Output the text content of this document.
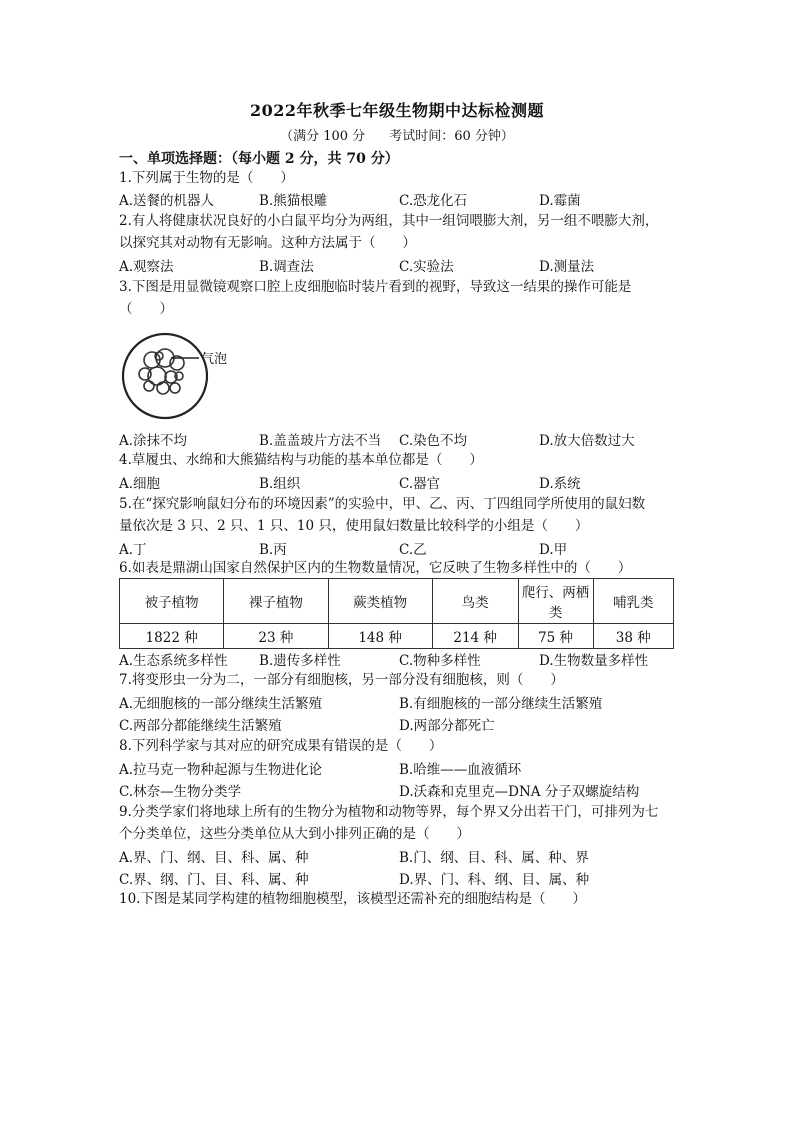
2022年秋季七年级生物期中达标检测题
（满分 100 分 考试时间：60 分钟）
一、单项选择题：（每小题 2 分，共 70 分）
1.下列属于生物的是（　　）
A.送餐的机器人	B.熊猫根雕	C.恐龙化石	D.霉菌
2.有人将健康状况良好的小白鼠平均分为两组，其中一组饲喂膨大剂，另一组不喂膨大剂，
以探究其对动物有无影响。这种方法属于（　　）
A.观察法	B.调查法	C.实验法	D.测量法
3.下图是用显微镜观察口腔上皮细胞临时装片看到的视野，导致这一结果的操作可能是
（　　）
气泡
A.涂抹不均	B.盖盖玻片方法不当 C.染色不均	D.放大倍数过大
4.草履虫、水绵和大熊猫结构与功能的基本单位都是（　　）
A.细胞	B.组织	C.器官	D.系统
5.在“探究影响鼠妇分布的环境因素”的实验中，甲、乙、丙、丁四组同学所使用的鼠妇数
量依次是 3 只、2 只、1 只、10 只，使用鼠妇数量比较科学的小组是（　　）
A.丁	B.丙	C.乙	D.甲
6.如表是鼎湖山国家自然保护区内的生物数量情况，它反映了生物多样性中的（　　）
被子植物	裸子植物	蕨类植物	鸟类	爬行、两栖类	哺乳类
1822 种	23 种	148 种	214 种	75 种	38 种
A.生态系统多样性 B.遗传多样性	C.物种多样性	D.生物数量多样性
7.将变形虫一分为二，一部分有细胞核，另一部分没有细胞核，则（　　）
A.无细胞核的一部分继续生活繁殖	B.有细胞核的一部分继续生活繁殖
C.两部分都能继续生活繁殖	D.两部分都死亡
8.下列科学家与其对应的研究成果有错误的是（　　）
A.拉马克一物种起源与生物进化论	B.哈维——血液循环
C.林奈—生物分类学	D.沃森和克里克—DNA 分子双螺旋结构
9.分类学家们将地球上所有的生物分为植物和动物等界，每个界又分出若干门，可排列为七
个分类单位，这些分类单位从大到小排列正确的是（　　）
A.界、门、纲、目、科、属、种	B.门、纲、目、科、属、种、界
C.界、纲、门、目、科、属、种	D.界、门、科、纲、目、属、种
10.下图是某同学构建的植物细胞模型，该模型还需补充的细胞结构是（　　）
